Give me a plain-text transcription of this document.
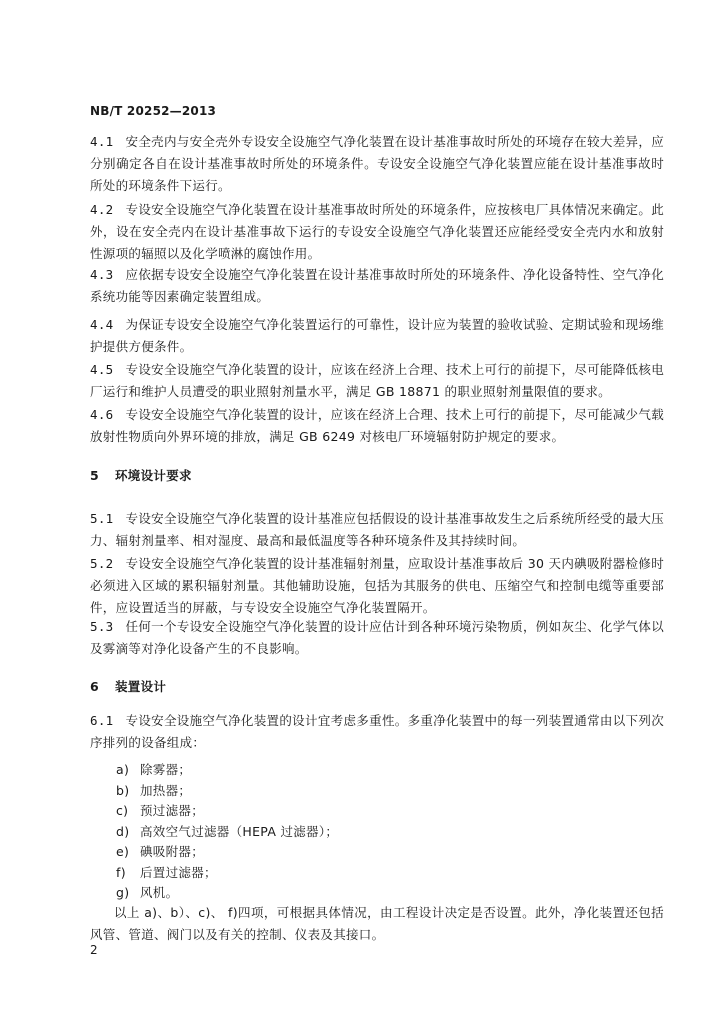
NB/T 20252—2013

4.1 安全壳内与安全壳外专设安全设施空气净化装置在设计基准事故时所处的环境存在较大差异，应分别确定各自在设计基准事故时所处的环境条件。专设安全设施空气净化装置应能在设计基准事故时所处的环境条件下运行。

4.2 专设安全设施空气净化装置在设计基准事故时所处的环境条件，应按核电厂具体情况来确定。此外，设在安全壳内在设计基准事故下运行的专设安全设施空气净化装置还应能经受安全壳内水和放射性源项的辐照以及化学喷淋的腐蚀作用。

4.3 应依据专设安全设施空气净化装置在设计基准事故时所处的环境条件、净化设备特性、空气净化系统功能等因素确定装置组成。

4.4 为保证专设安全设施空气净化装置运行的可靠性，设计应为装置的验收试验、定期试验和现场维护提供方便条件。

4.5 专设安全设施空气净化装置的设计，应该在经济上合理、技术上可行的前提下，尽可能降低核电厂运行和维护人员遭受的职业照射剂量水平，满足 GB 18871 的职业照射剂量限值的要求。

4.6 专设安全设施空气净化装置的设计，应该在经济上合理、技术上可行的前提下，尽可能减少气载放射性物质向外界环境的排放，满足 GB 6249 对核电厂环境辐射防护规定的要求。

5 环境设计要求

5.1 专设安全设施空气净化装置的设计基准应包括假设的设计基准事故发生之后系统所经受的最大压力、辐射剂量率、相对湿度、最高和最低温度等各种环境条件及其持续时间。

5.2 专设安全设施空气净化装置的设计基准辐射剂量，应取设计基准事故后 30 天内碘吸附器检修时必须进入区域的累积辐射剂量。其他辅助设施，包括为其服务的供电、压缩空气和控制电缆等重要部件，应设置适当的屏蔽，与专设安全设施空气净化装置隔开。

5.3 任何一个专设安全设施空气净化装置的设计应估计到各种环境污染物质，例如灰尘、化学气体以及雾滴等对净化设备产生的不良影响。

6 装置设计

6.1 专设安全设施空气净化装置的设计宜考虑多重性。多重净化装置中的每一列装置通常由以下列次序排列的设备组成：

a) 除雾器；
b) 加热器；
c) 预过滤器；
d) 高效空气过滤器（HEPA 过滤器）；
e) 碘吸附器；
f) 后置过滤器；
g) 风机。

以上 a)、b）、c)、 f)四项，可根据具体情况，由工程设计决定是否设置。此外，净化装置还包括风管、管道、阀门以及有关的控制、仪表及其接口。

2
